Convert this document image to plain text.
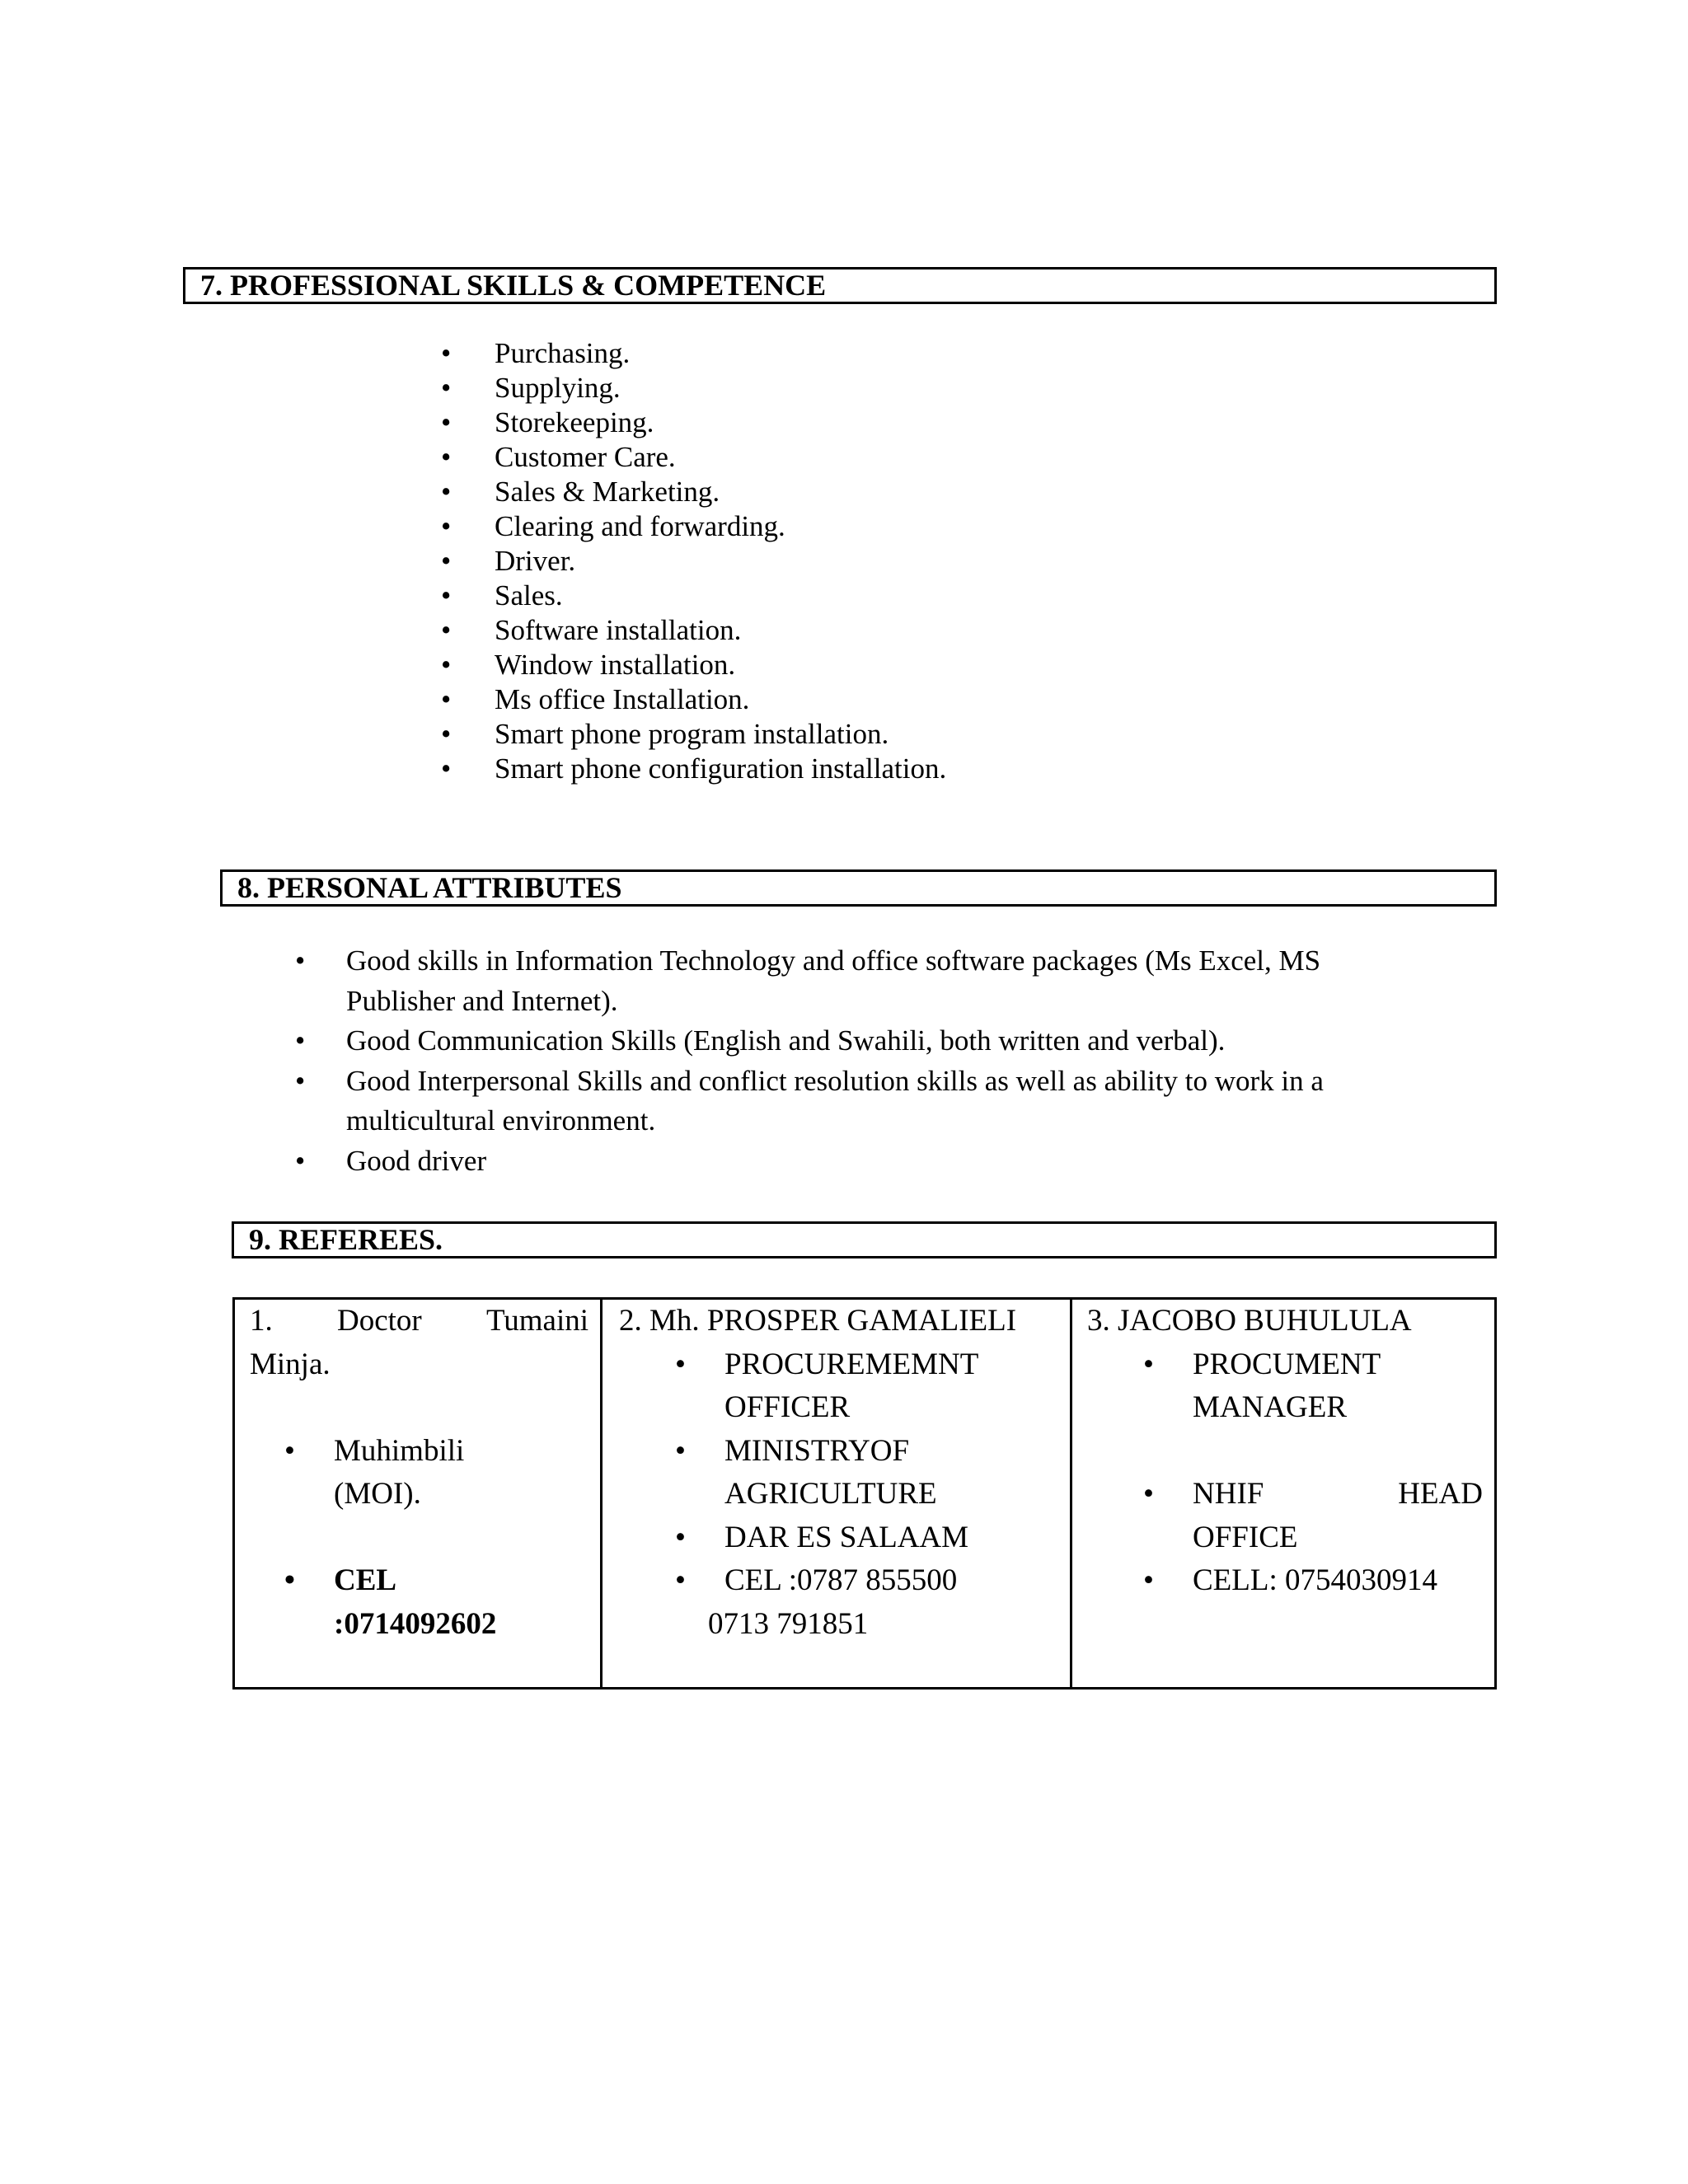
7. PROFESSIONAL SKILLS & COMPETENCE
• Purchasing.
• Supplying.
• Storekeeping.
• Customer Care.
• Sales & Marketing.
• Clearing and forwarding.
• Driver.
• Sales.
• Software installation.
• Window installation.
• Ms office Installation.
• Smart phone program installation.
• Smart phone configuration installation.
8. PERSONAL ATTRIBUTES
• Good skills in Information Technology and office software packages (Ms Excel, MS
Publisher and Internet).
• Good Communication Skills (English and Swahili, both written and verbal).
• Good Interpersonal Skills and conflict resolution skills as well as ability to work in a
multicultural environment.
• Good driver
9. REFEREES.
1. Doctor Tumaini
Minja.
• Muhimbili
(MOI).
• CEL
:0714092602
2. Mh. PROSPER GAMALIELI
• PROCUREMEMNT
OFFICER
• MINISTRYOF
AGRICULTURE
• DAR ES SALAAM
• CEL :0787 855500
0713 791851
3. JACOBO BUHULULA
• PROCUMENT
MANAGER
• NHIF	HEAD
OFFICE
• CELL: 0754030914
